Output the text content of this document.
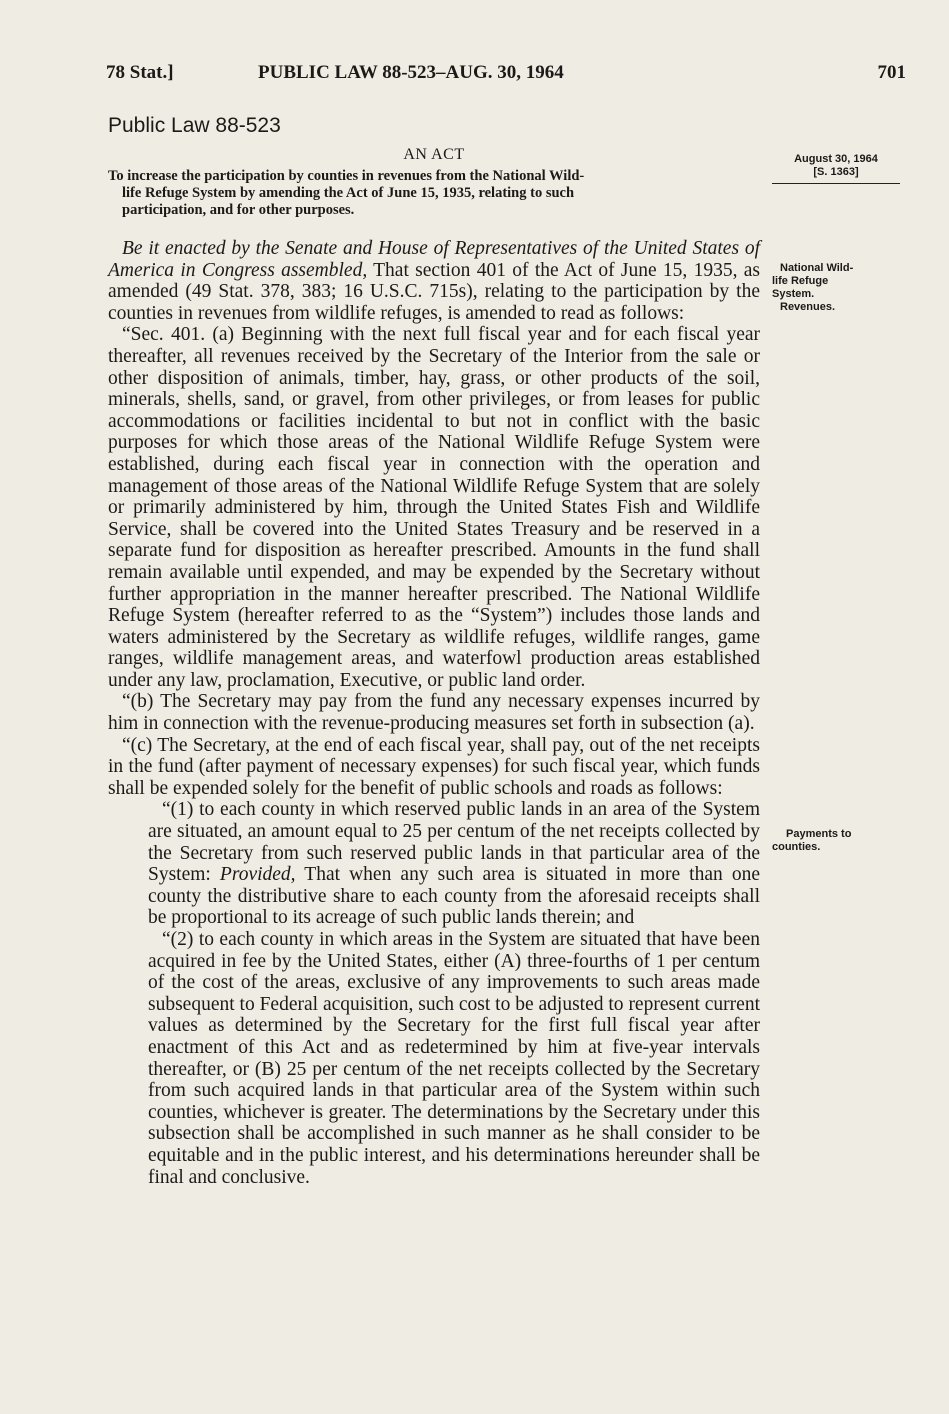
78 Stat.]	PUBLIC LAW 88-523–AUG. 30, 1964	701
Public Law 88-523
AN ACT

To increase the participation by counties in revenues from the National Wild-

life Refuge System by amending the Act of June 15, 1935, relating to such

participation, and for other purposes.

August 30, 1964
[S. 1363]
National Wild-
life Refuge
System.

Revenues.
Payments to
counties.

Be it enacted by the Senate and House of Representatives of the United States of America in Congress assembled, That section 401 of the Act of June 15, 1935, as amended (49 Stat. 378, 383; 16 U.S.C. 715s), relating to the participation by the counties in revenues from wildlife refuges, is amended to read as follows:

“Sec. 401. (a) Beginning with the next full fiscal year and for each fiscal year thereafter, all revenues received by the Secretary of the Interior from the sale or other disposition of animals, timber, hay, grass, or other products of the soil, minerals, shells, sand, or gravel, from other privileges, or from leases for public accommodations or facilities incidental to but not in conflict with the basic purposes for which those areas of the National Wildlife Refuge System were established, during each fiscal year in connection with the operation and management of those areas of the National Wildlife Refuge System that are solely or primarily administered by him, through the United States Fish and Wildlife Service, shall be covered into the United States Treasury and be reserved in a separate fund for disposition as hereafter prescribed. Amounts in the fund shall remain available until expended, and may be expended by the Secretary without further appropriation in the manner hereafter prescribed. The National Wildlife Refuge System (hereafter referred to as the “System”) includes those lands and waters administered by the Secretary as wildlife refuges, wildlife ranges, game ranges, wildlife management areas, and waterfowl production areas established under any law, proclamation, Executive, or public land order.

“(b) The Secretary may pay from the fund any necessary expenses incurred by him in connection with the revenue-producing measures set forth in subsection (a).

“(c) The Secretary, at the end of each fiscal year, shall pay, out of the net receipts in the fund (after payment of necessary expenses) for such fiscal year, which funds shall be expended solely for the benefit of public schools and roads as follows:

“(1) to each county in which reserved public lands in an area of the System are situated, an amount equal to 25 per centum of the net receipts collected by the Secretary from such reserved public lands in that particular area of the System: Provided, That when any such area is situated in more than one county the distributive share to each county from the aforesaid receipts shall be proportional to its acreage of such public lands therein; and

“(2) to each county in which areas in the System are situated that have been acquired in fee by the United States, either (A) three-fourths of 1 per centum of the cost of the areas, exclusive of any improvements to such areas made subsequent to Federal acquisition, such cost to be adjusted to represent current values as determined by the Secretary for the first full fiscal year after enactment of this Act and as redetermined by him at five-year intervals thereafter, or (B) 25 per centum of the net receipts collected by the Secretary from such acquired lands in that particular area of the System within such counties, whichever is greater. The determinations by the Secretary under this subsection shall be accomplished in such manner as he shall consider to be equitable and in the public interest, and his determinations hereunder shall be final and conclusive.
